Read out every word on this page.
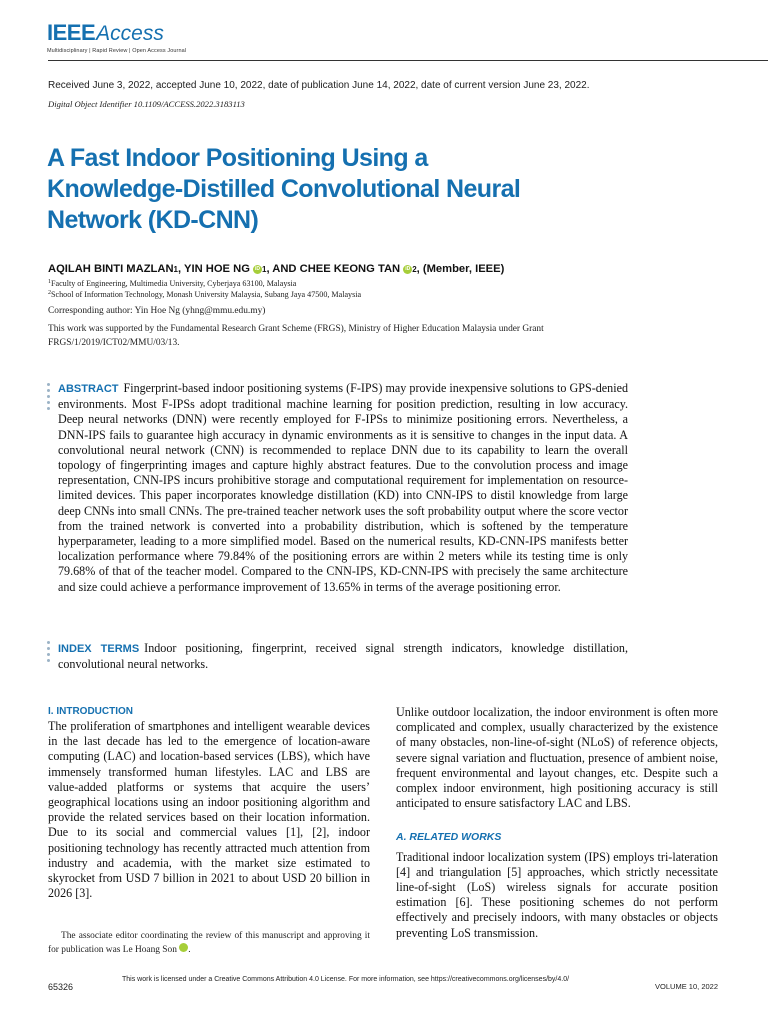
IEEE Access
Multidisciplinary | Rapid Review | Open Access Journal
Received June 3, 2022, accepted June 10, 2022, date of publication June 14, 2022, date of current version June 23, 2022.
Digital Object Identifier 10.1109/ACCESS.2022.3183113
A Fast Indoor Positioning Using a Knowledge-Distilled Convolutional Neural Network (KD-CNN)
AQILAH BINTI MAZLAN 1 , YIN HOE NG
	iD 1 , AND CHEE KEONG TAN
	iD 2 , (Member, IEEE)
$^1$Faculty of Engineering, Multimedia University, Cyberjaya 63100, Malaysia
$^2$School of Information Technology, Monash University Malaysia, Subang Jaya 47500, Malaysia
Corresponding author: Yin Hoe Ng (yhng@mmu.edu.my)
This work was supported by the Fundamental Research Grant Scheme (FRGS), Ministry of Higher Education Malaysia under Grant FRGS/1/2019/ICT02/MMU/03/13.
ABSTRACT Fingerprint-based indoor positioning systems (F-IPS) may provide inexpensive solutions to GPS-denied environments. Most F-IPSs adopt traditional machine learning for position prediction, resulting in low accuracy. Deep neural networks (DNN) were recently employed for F-IPSs to minimize positioning errors. Nevertheless, a DNN-IPS fails to guarantee high accuracy in dynamic environments as it is sensitive to changes in the input data. A convolutional neural network (CNN) is recommended to replace DNN due to its capability to learn the overall topology of fingerprinting images and capture highly abstract features. Due to the convolution process and image representation, CNN-IPS incurs prohibitive storage and computational requirement for implementation on resource-limited devices. This paper incorporates knowledge distillation (KD) into CNN-IPS to distil knowledge from large deep CNNs into small CNNs. The pre-trained teacher network uses the soft probability output where the score vector from the trained network is converted into a probability distribution, which is softened by the temperature hyperparameter, leading to a more simplified model. Based on the numerical results, KD-CNN-IPS manifests better localization performance where 79.84% of the positioning errors are within 2 meters while its testing time is only 79.68% of that of the teacher model. Compared to the CNN-IPS, KD-CNN-IPS with precisely the same architecture and size could achieve a performance improvement of 13.65% in terms of the average positioning error.
INDEX TERMS Indoor positioning, fingerprint, received signal strength indicators, knowledge distillation, convolutional neural networks.
I. INTRODUCTION

The proliferation of smartphones and intelligent wearable devices in the last decade has led to the emergence of location-aware computing (LAC) and location-based services (LBS), which have immensely transformed human lifestyles. LAC and LBS are value-added platforms or systems that acquire the users’ geographical locations using an indoor positioning algorithm and provide the related services based on their location information. Due to its social and commercial values [1], [2], indoor positioning technology has recently attracted much attention from industry and academia, with the market size estimated to skyrocket from USD 7 billion in 2021 to about USD 20 billion in 2026 [3].

The associate editor coordinating the review of this manuscript and approving it for publication was Le Hoang Son	iD.

Unlike outdoor localization, the indoor environment is often more complicated and complex, usually characterized by the existence of many obstacles, non-line-of-sight (NLoS) of reference objects, severe signal variation and fluctuation, presence of ambient noise, frequent environmental and layout changes, etc. Despite such a complex indoor environment, high positioning accuracy is still anticipated to ensure satisfactory LAC and LBS.

A. RELATED WORKS

Traditional indoor localization system (IPS) employs tri-lateration [4] and triangulation [5] approaches, which strictly necessitate line-of-sight (LoS) wireless signals for accurate position estimation [6]. These positioning schemes do not perform effectively and precisely indoors, with many obstacles or objects preventing LoS transmission.

65326
This work is licensed under a Creative Commons Attribution 4.0 License. For more information, see https://creativecommons.org/licenses/by/4.0/
VOLUME 10, 2022
